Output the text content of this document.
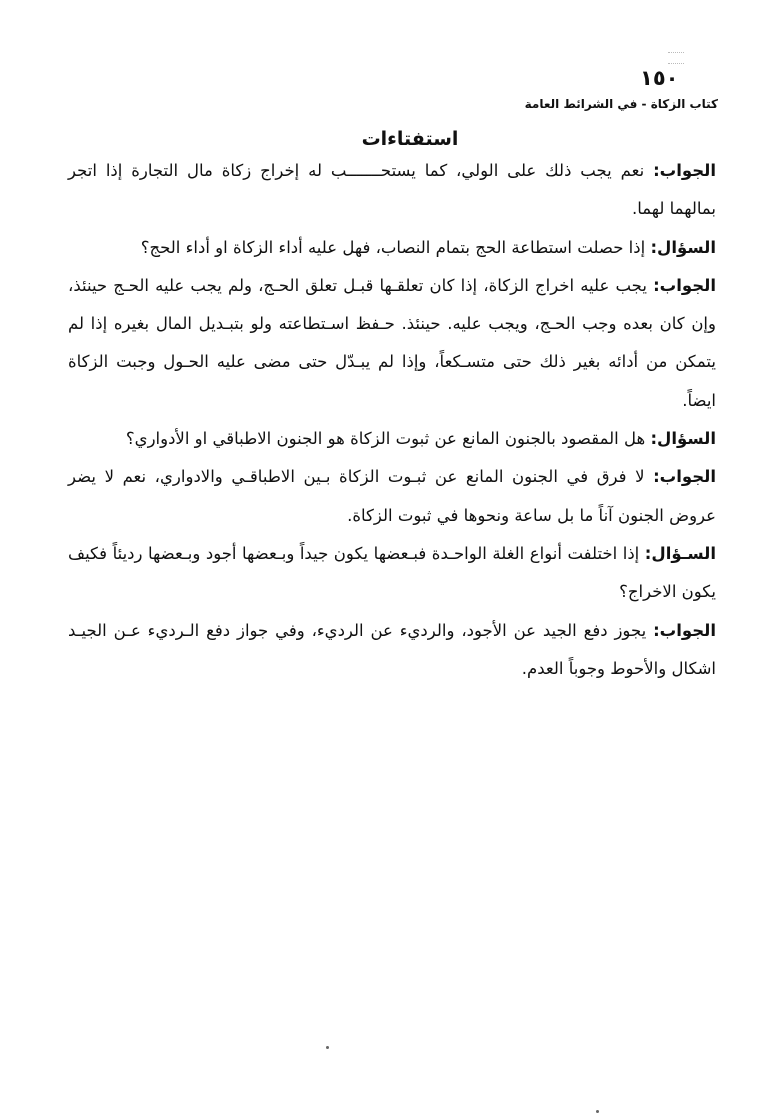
١٥٠
كتاب الزكاة - في الشرائط العامة
استفتاءات

الجواب: نعم يجب ذلك على الولي، كما يستحـــــــب له إخراج زكاة مال التجارة إذا اتجر بمالهما لهما.

السؤال: إذا حصلت استطاعة الحج بتمام النصاب، فهل عليه أداء الزكاة او أداء الحج؟

الجواب: يجب عليه اخراج الزكاة، إذا كان تعلقـها قبـل تعلق الحـج، ولم يجب عليه الحـج حينئذ، وإن كان بعده وجب الحـج، ويجب عليه. حينئذ. حـفظ اسـتطاعته ولو بتبـديل المال بغيره إذا لم يتمكن من أدائه بغير ذلك حتى متسـكعاً، وإذا لم يبـدّل حتى مضى عليه الحـول وجبت الزكاة ايضاً.

السؤال: هل المقصود بالجنون المانع عن ثبوت الزكاة هو الجنون الاطباقي او الأدواري؟

الجواب: لا فرق في الجنون المانع عن ثبـوت الزكاة بـين الاطباقـي والادواري، نعم لا يضر عروض الجنون آناً ما بل ساعة ونحوها في ثبوت الزكاة.

السـؤال: إذا اختلفت أنواع الغلة الواحـدة فبـعضها يكون جيداً وبـعضها أجود وبـعضها رديئاً فكيف يكون الاخراج؟

الجواب: يجوز دفع الجيد عن الأجود، والرديء عن الرديء، وفي جواز دفع الـرديء عـن الجيـد اشكال والأحوط وجوباً العدم.
